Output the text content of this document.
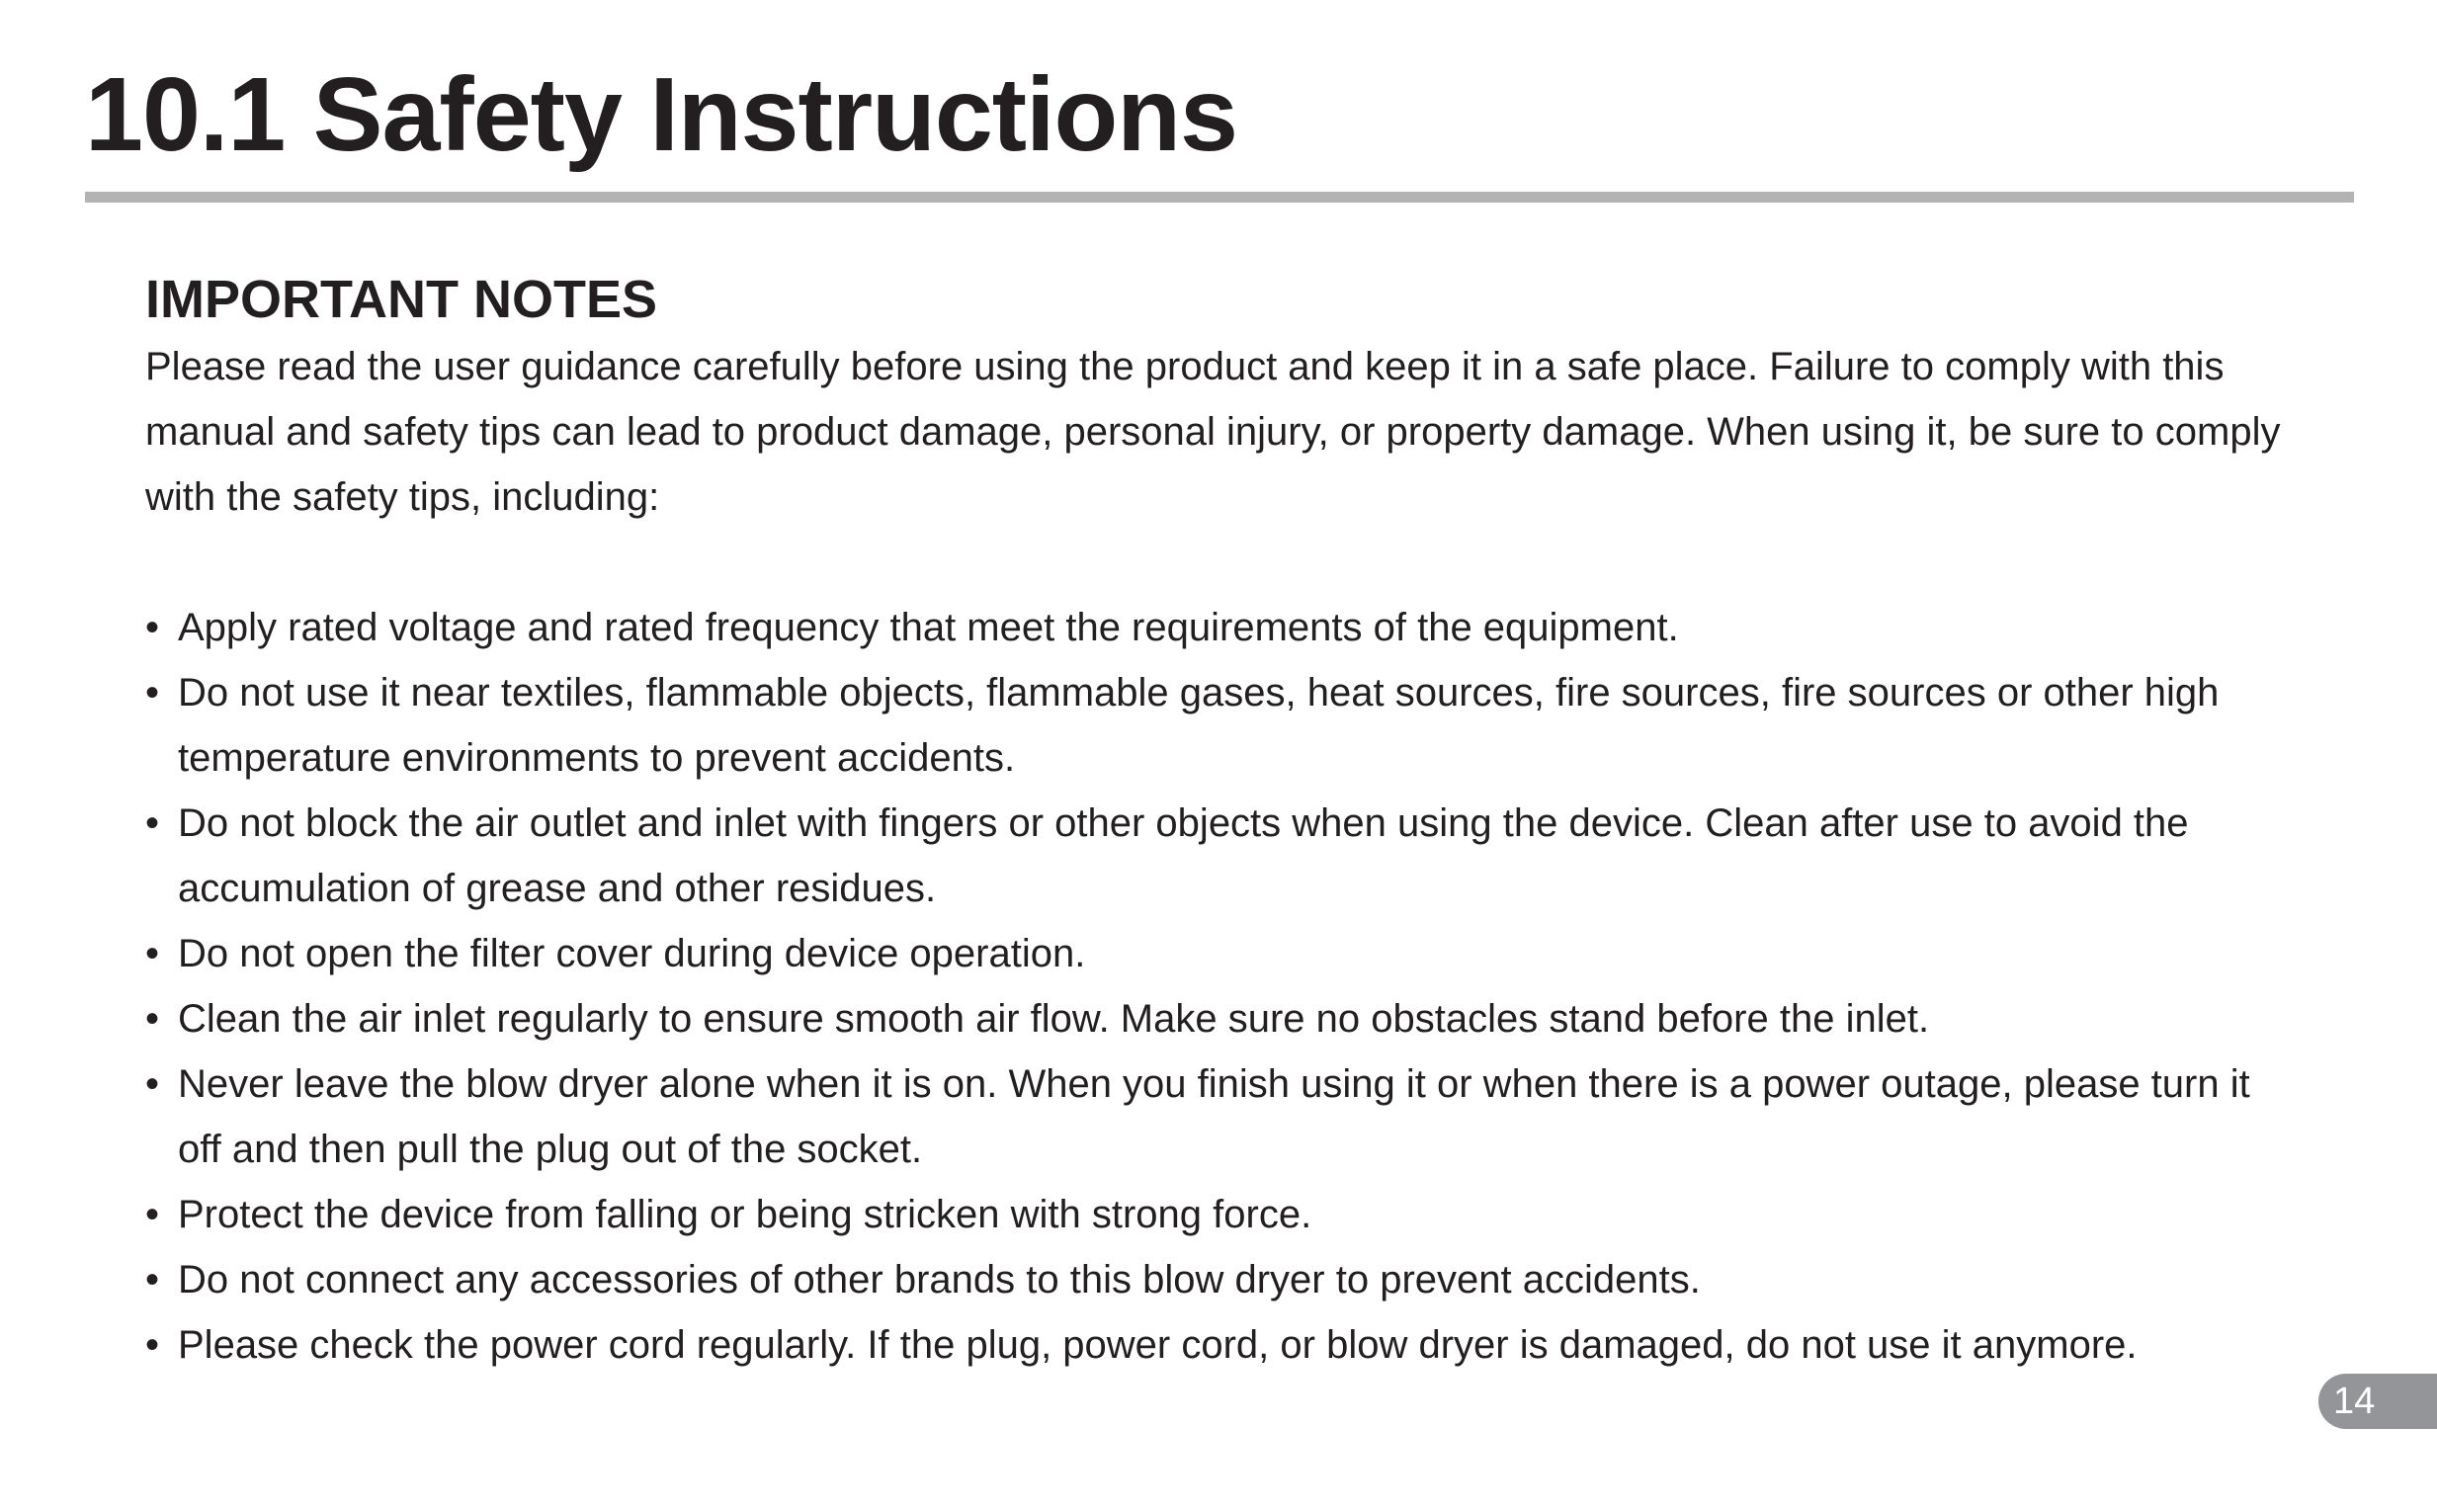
10.1 Safety Instructions
IMPORTANT NOTES

Please read the user guidance carefully before using the product and keep it in a safe place. Failure to comply with this manual and safety tips can lead to product damage, personal injury, or property damage. When using it, be sure to comply with the safety tips, including:

• Apply rated voltage and rated frequency that meet the requirements of the equipment.
• Do not use it near textiles, flammable objects, flammable gases, heat sources, fire sources, fire sources or other high temperature environments to prevent accidents.
• Do not block the air outlet and inlet with fingers or other objects when using the device. Clean after use to avoid the accumulation of grease and other residues.
• Do not open the filter cover during device operation.
• Clean the air inlet regularly to ensure smooth air flow. Make sure no obstacles stand before the inlet.
• Never leave the blow dryer alone when it is on. When you finish using it or when there is a power outage, please turn it off and then pull the plug out of the socket.
• Protect the device from falling or being stricken with strong force.
• Do not connect any accessories of other brands to this blow dryer to prevent accidents.
• Please check the power cord regularly. If the plug, power cord, or blow dryer is damaged, do not use it anymore.
14
